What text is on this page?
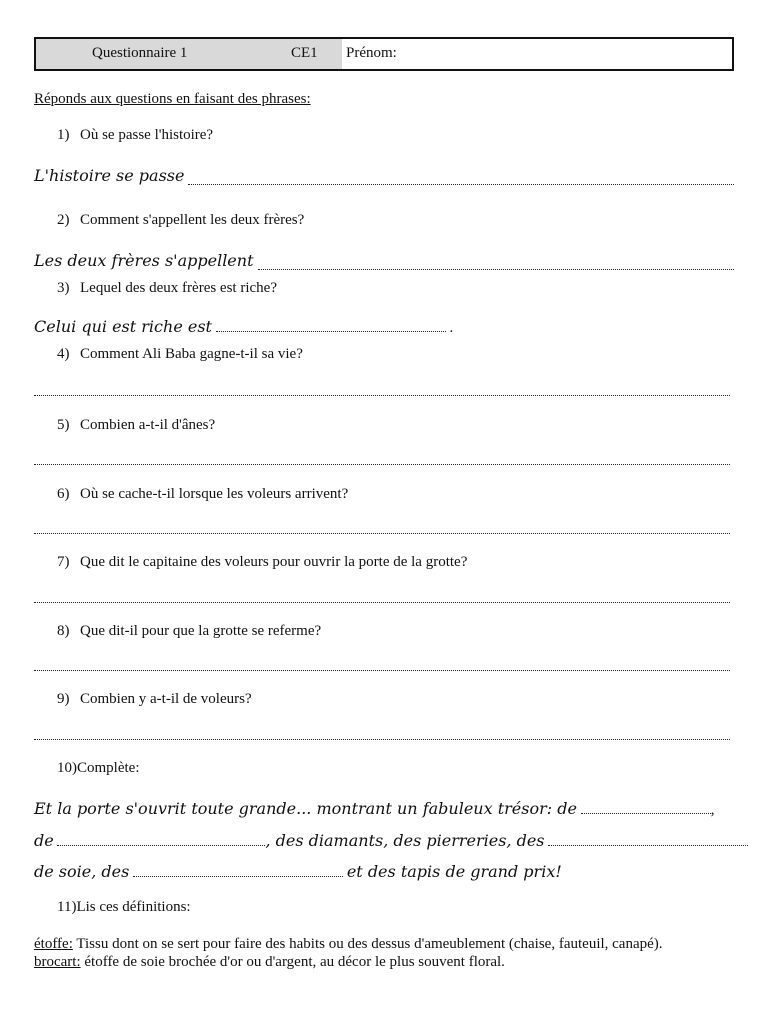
Questionnaire 1	CE1 Prénom:
Réponds aux questions en faisant des phrases:
1) Où se passe l'histoire?
L'histoire se passe
2) Comment s'appellent les deux frères?
Les deux frères s'appellent
3) Lequel des deux frères est riche?
Celui qui est riche est	.
4) Comment Ali Baba gagne-t-il sa vie?
5) Combien a-t-il d'ânes?
6) Où se cache-t-il lorsque les voleurs arrivent?
7) Que dit le capitaine des voleurs pour ouvrir la porte de la grotte?
8) Que dit-il pour que la grotte se referme?
9) Combien y a-t-il de voleurs?
10)Complète:
Et la porte s'ouvrit toute grande... montrant un fabuleux trésor: de	,
de	, des diamants, des pierreries, des
de soie, des	et des tapis de grand prix!
11)Lis ces définitions:
étoffe: Tissu dont on se sert pour faire des habits ou des dessus d'ameublement (chaise, fauteuil, canapé).
brocart: étoffe de soie brochée d'or ou d'argent, au décor le plus souvent floral.
